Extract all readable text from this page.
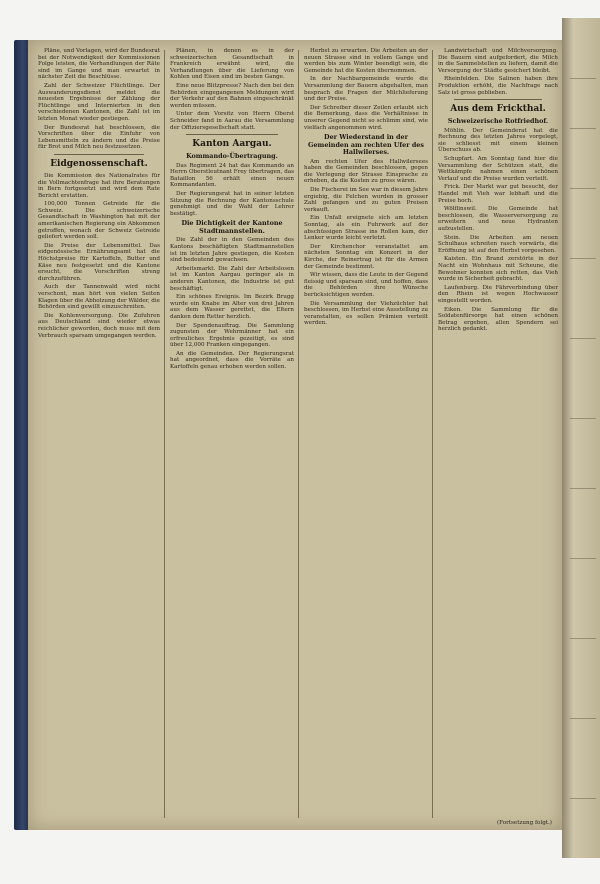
Pläne, und Vorlagen, wird der Bundesrat bei der Notwendigkeit der Kommissionen Folge leisten, die Verhandlungen der Räte sind im Gange und man erwartet in nächster Zeit die Beschlüsse.

Zahl der Schweizer Flüchtlinge. Der Auswanderungsdienst meldet die neuesten Ergebnisse der Zählung der Flüchtlinge und Internierten in den verschiedenen Kantonen, die Zahl ist im letzten Monat wieder gestiegen.

Der Bundesrat hat beschlossen, die Vorschriften über die Einfuhr von Lebensmitteln zu ändern und die Preise für Brot und Milch neu festzusetzen.

Eidgenossenschaft.

Die Kommission des Nationalrates für die Vollmachtenfrage hat ihre Beratungen in Bern fortgesetzt und wird dem Rate Bericht erstatten.

100,000 Tonnen Getreide für die Schweiz. Die schweizerische Gesandtschaft in Washington hat mit der amerikanischen Regierung ein Abkommen getroffen, wonach der Schweiz Getreide geliefert werden soll.

Die Preise der Lebensmittel. Das eidgenössische Ernährungsamt hat die Höchstpreise für Kartoffeln, Butter und Käse neu festgesetzt und die Kantone ersucht, die Vorschriften streng durchzuführen.

Auch der Tannenwald wird nicht verschont, man hört von vielen Seiten Klagen über die Abholzung der Wälder, die Behörden sind gewillt einzuschreiten.

Die Kohlenversorgung. Die Zufuhren aus Deutschland sind wieder etwas reichlicher geworden, doch muss mit dem Verbrauch sparsam umgegangen werden.

Plänen, in denen es in der schweizerischen Gesandtschaft in Frankreich erwähnt wird, die Verhandlungen über die Lieferung von Kohlen und Eisen sind im besten Gange.

Eine neue Blitzpresse? Nach den bei den Behörden eingegangenen Meldungen wird der Verkehr auf den Bahnen eingeschränkt werden müssen.

Unter dem Vorsitz von Herrn Oberst Schneider fand in Aarau die Versammlung der Offiziersgesellschaft statt.

Kanton Aargau.
Kommando-Übertragung.

Das Regiment 24 hat das Kommando an Herrn Oberstleutnant Frey übertragen, das Bataillon 56 erhält einen neuen Kommandanten.

Der Regierungsrat hat in seiner letzten Sitzung die Rechnung der Kantonsschule genehmigt und die Wahl der Lehrer bestätigt.

Die Dichtigkeit der Kantone Stadtmannstellen.

Die Zahl der in den Gemeinden des Kantons beschäftigten Stadtmannstellen ist im letzten Jahre gestiegen, die Kosten sind bedeutend gewachsen.

Arbeitsmarkt. Die Zahl der Arbeitslosen ist im Kanton Aargau geringer als in anderen Kantonen, die Industrie ist gut beschäftigt.

Ein schönes Ereignis. Im Bezirk Brugg wurde ein Knabe im Alter von drei Jahren aus dem Wasser gerettet, die Eltern danken dem Retter herzlich.

Der Spendenauftrag. Die Sammlung zugunsten der Wehrmänner hat ein erfreuliches Ergebnis gezeitigt, es sind über 12,000 Franken eingegangen.

An die Gemeinden. Der Regierungsrat hat angeordnet, dass die Vorräte an Kartoffeln genau erhoben werden sollen.

Herbst zu erwarten. Die Arbeiten an der neuen Strasse sind in vollem Gange und werden bis zum Winter beendigt sein, die Gemeinde hat die Kosten übernommen.

In der Nachbargemeinde wurde die Versammlung der Bauern abgehalten, man besprach die Fragen der Milchlieferung und der Preise.

Der Schreiber dieser Zeilen erlaubt sich die Bemerkung, dass die Verhältnisse in unserer Gegend nicht so schlimm sind, wie vielfach angenommen wird.

Der Wiederstand in der Gemeinden am rechten Ufer des Hallwilerses.

Am rechten Ufer des Hallwilersees haben die Gemeinden beschlossen, gegen die Verlegung der Strasse Einsprache zu erheben, da die Kosten zu gross wären.

Die Fischerei im See war in diesem Jahre ergiebig, die Felchen wurden in grosser Zahl gefangen und zu guten Preisen verkauft.

Ein Unfall ereignete sich am letzten Sonntag, als ein Fuhrwerk auf der abschüssigen Strasse ins Rollen kam, der Lenker wurde leicht verletzt.

Der Kirchenchor veranstaltet am nächsten Sonntag ein Konzert in der Kirche, der Reinertrag ist für die Armen der Gemeinde bestimmt.

Wir wissen, dass die Leute in der Gegend fleissig und sparsam sind, und hoffen, dass die Behörden ihre Wünsche berücksichtigen werden.

Die Versammlung der Viehzüchter hat beschlossen, im Herbst eine Ausstellung zu veranstalten, es sollen Prämien verteilt werden.

Landwirtschaft und Milchversorgung. Die Bauern sind aufgefordert, die Milch in die Sammelstellen zu liefern, damit die Versorgung der Städte gesichert bleibt.

Rheinfelden. Die Salinen haben ihre Produktion erhöht, die Nachfrage nach Salz ist gross geblieben.

Aus dem Frickthal.
Schweizerische Rotfriedhof.

Möhlin. Der Gemeinderat hat die Rechnung des letzten Jahres vorgelegt, sie schliesst mit einem kleinen Überschuss ab.

Schupfart. Am Sonntag fand hier die Versammlung der Schützen statt, die Wettkämpfe nahmen einen schönen Verlauf und die Preise wurden verteilt.

Frick. Der Markt war gut besucht, der Handel mit Vieh war lebhaft und die Preise hoch.

Wölflinswil. Die Gemeinde hat beschlossen, die Wasserversorgung zu erweitern und neue Hydranten aufzustellen.

Stein. Die Arbeiten am neuen Schulhaus schreiten rasch vorwärts, die Eröffnung ist auf den Herbst vorgesehen.

Kaisten. Ein Brand zerstörte in der Nacht ein Wohnhaus mit Scheune, die Bewohner konnten sich retten, das Vieh wurde in Sicherheit gebracht.

Laufenburg. Die Fährverbindung über den Rhein ist wegen Hochwasser eingestellt worden.

Eiken. Die Sammlung für die Soldatenfürsorge hat einen schönen Betrag ergeben, allen Spendern sei herzlich gedankt.

(Fortsetzung folgt.)
